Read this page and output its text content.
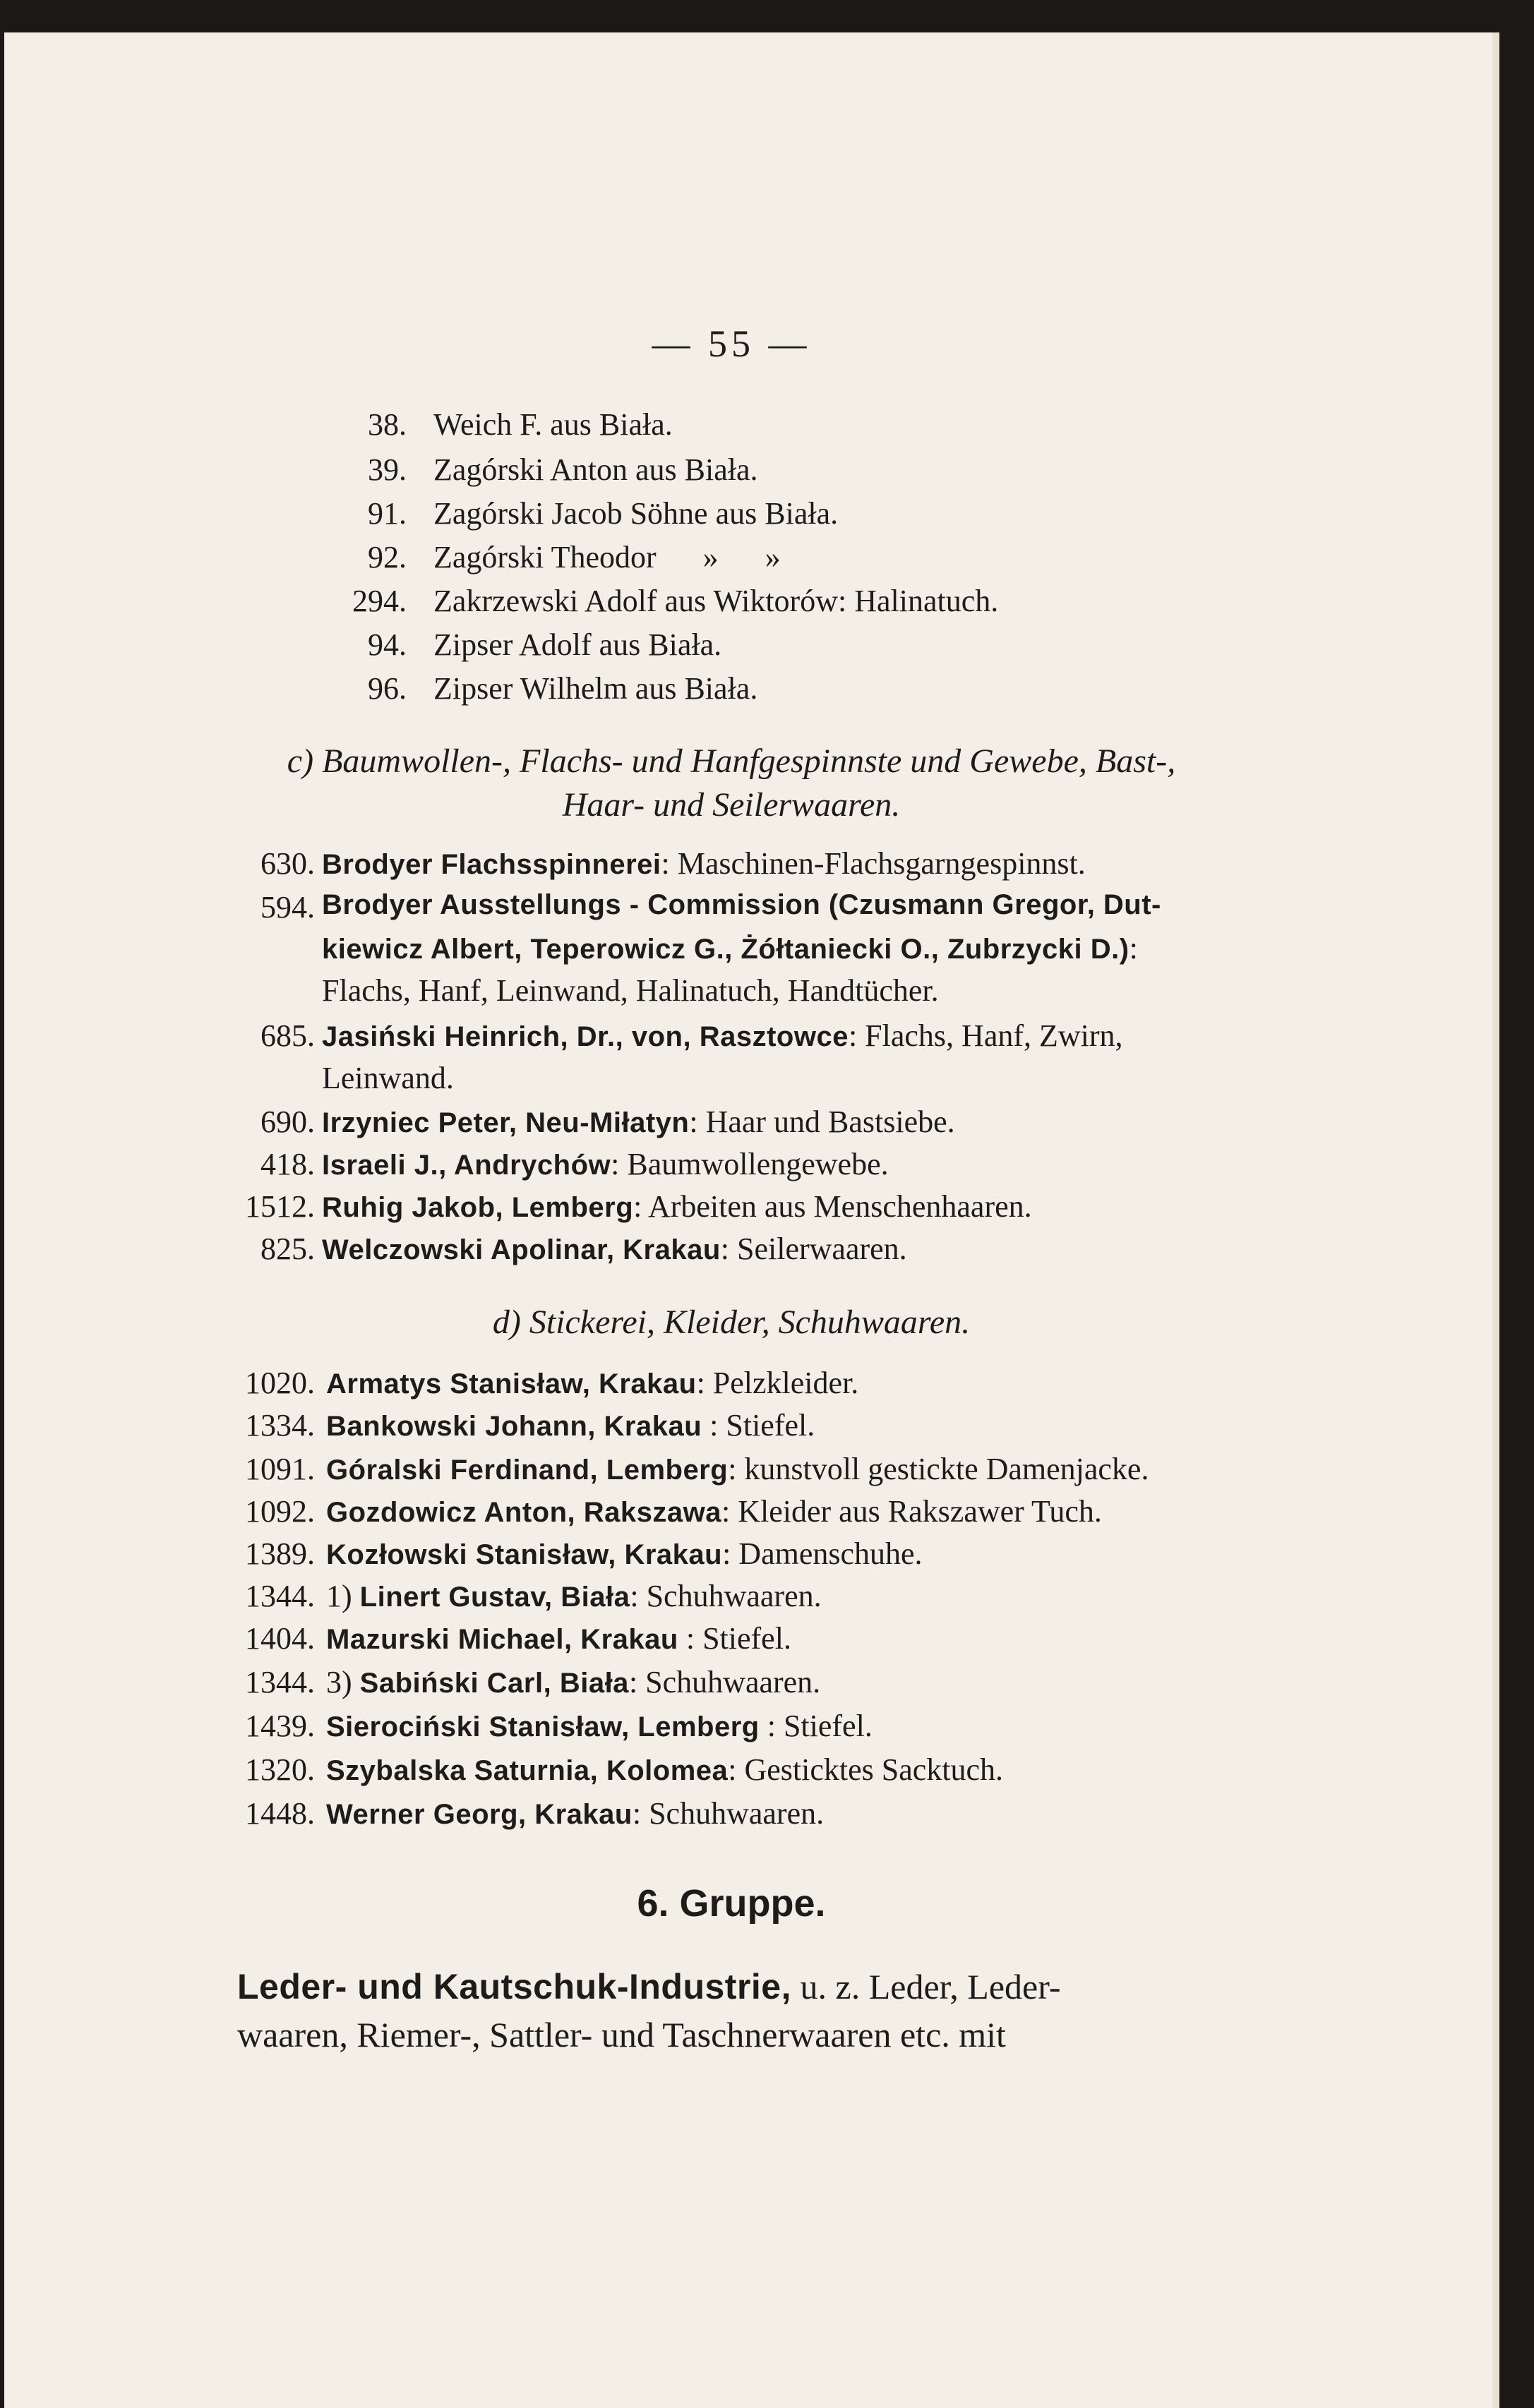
— 55 —
38. Weich F. aus Biała.
39. Zagórski Anton aus Biała.
91. Zagórski Jacob Söhne aus Biała.
92. Zagórski Theodor      »      »
294. Zakrzewski Adolf aus Wiktorów: Halinatuch.
94. Zipser Adolf aus Biała.
96. Zipser Wilhelm aus Biała.
c) Baumwollen-, Flachs- und Hanfgespinnste und Gewebe, Bast-,
Haar- und Seilerwaaren.
630. Brodyer Flachsspinnerei: Maschinen-Flachsgarngespinnst.
594. Brodyer Ausstellungs - Commission (Czusmann Gregor, Dut-
kiewicz Albert, Teperowicz G., Żółtaniecki O., Zubrzycki D.):
Flachs, Hanf, Leinwand, Halinatuch, Handtücher.
685. Jasiński Heinrich, Dr., von, Rasztowce: Flachs, Hanf, Zwirn,
Leinwand.
690. Irzyniec Peter, Neu-Miłatyn: Haar und Bastsiebe.
418. Israeli J., Andrychów: Baumwollengewebe.
1512. Ruhig Jakob, Lemberg: Arbeiten aus Menschenhaaren.
825. Welczowski Apolinar, Krakau: Seilerwaaren.
d) Stickerei, Kleider, Schuhwaaren.
1020. Armatys Stanisław, Krakau: Pelzkleider.
1334. Bankowski Johann, Krakau : Stiefel.
1091. Góralski Ferdinand, Lemberg: kunstvoll gestickte Damenjacke.
1092. Gozdowicz Anton, Rakszawa: Kleider aus Rakszawer Tuch.
1389. Kozłowski Stanisław, Krakau: Damenschuhe.
1344. 1) Linert Gustav, Biała: Schuhwaaren.
1404. Mazurski Michael, Krakau : Stiefel.
1344. 3) Sabiński Carl, Biała: Schuhwaaren.
1439. Sierociński Stanisław, Lemberg : Stiefel.
1320. Szybalska Saturnia, Kolomea: Gesticktes Sacktuch.
1448. Werner Georg, Krakau: Schuhwaaren.
6. Gruppe.
Leder- und Kautschuk-Industrie, u. z. Leder, Leder-
waaren, Riemer-, Sattler- und Taschnerwaaren etc. mit
